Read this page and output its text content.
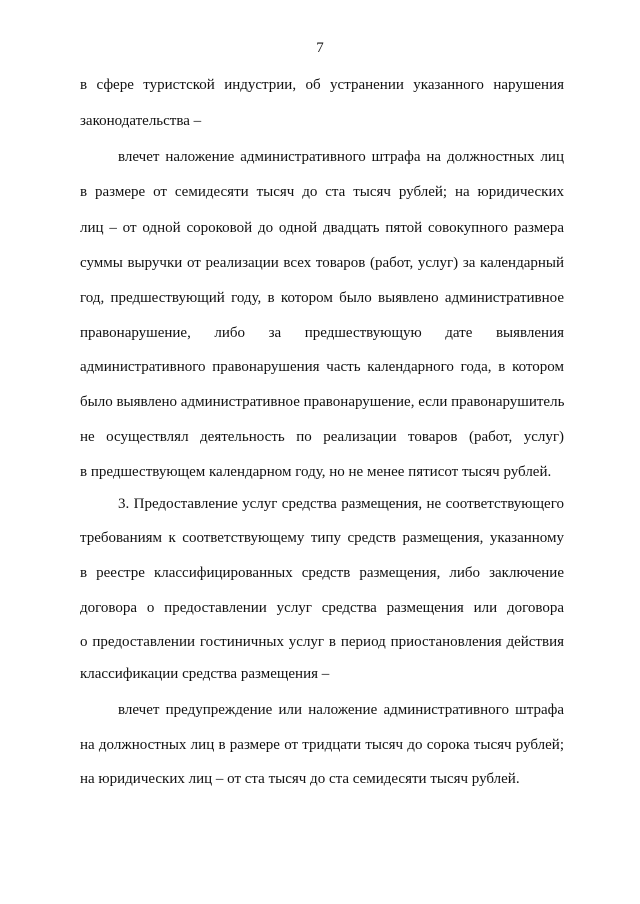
7
в сфере туристской индустрии, об устранении указанного нарушения
законодательства –
влечет наложение административного штрафа на должностных лиц
в размере от семидесяти тысяч до ста тысяч рублей; на юридических
лиц – от одной сороковой до одной двадцать пятой совокупного размера
суммы выручки от реализации всех товаров (работ, услуг) за календарный
год, предшествующий году, в котором было выявлено административное
правонарушение, либо за предшествующую дате выявления
административного правонарушения часть календарного года, в котором
было выявлено административное правонарушение, если правонарушитель
не осуществлял деятельность по реализации товаров (работ, услуг)
в предшествующем календарном году, но не менее пятисот тысяч рублей.
3. Предоставление услуг средства размещения, не соответствующего
требованиям к соответствующему типу средств размещения, указанному
в реестре классифицированных средств размещения, либо заключение
договора о предоставлении услуг средства размещения или договора
о предоставлении гостиничных услуг в период приостановления действия
классификации средства размещения –
влечет предупреждение или наложение административного штрафа
на должностных лиц в размере от тридцати тысяч до сорока тысяч рублей;
на юридических лиц – от ста тысяч до ста семидесяти тысяч рублей.
